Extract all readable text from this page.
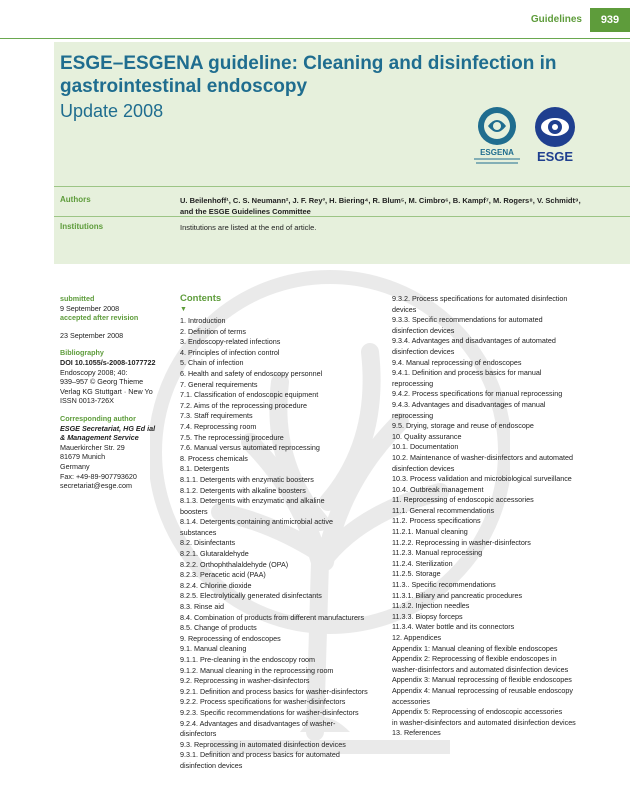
Guidelines	939
ESGE–ESGENA guideline: Cleaning and disinfection in gastrointestinal endoscopy
Update 2008
ESGENA ESGE
Authors	U. Beilenhoff¹, C. S. Neumann², J. F. Rey³, H. Biering⁴, R. Blum⁵, M. Cimbro⁶, B. Kampf⁷, M. Rogers⁸, V. Schmidt⁹,
and the ESGE Guidelines Committee
Institutions	Institutions are listed at the end of article.
submitted
9 September 2008
accepted after revision
23 September 2008
Bibliography
DOI 10.1055/s-2008-1077722
Endoscopy 2008; 40:
939–957 © Georg Thieme
Verlag KG Stuttgart · New Yo
ISSN 0013-726X
Corresponding author
ESGE Secretariat, HG Ed ial
& Management Service
Mauerkircher Str. 29
81679 Munich
Germany
Fax: +49-89-907793620
secretariat@esge.com
Contents
▼
1. Introduction
2. Definition of terms
3. Endoscopy-related infections
4. Principles of infection control
5. Chain of infection
6. Health and safety of endoscopy personnel
7. General requirements
7.1. Classification of endoscopic equipment
7.2. Aims of the reprocessing procedure
7.3. Staff requirements
7.4. Reprocessing room
7.5. The reprocessing procedure
7.6. Manual versus automated reprocessing
8. Process chemicals
8.1. Detergents
8.1.1. Detergents with enzymatic boosters
8.1.2. Detergents with alkaline boosters
8.1.3. Detergents with enzymatic and alkaline
boosters
8.1.4. Detergents containing antimicrobial active
substances
8.2. Disinfectants
8.2.1. Glutaraldehyde
8.2.2. Orthophthalaldehyde (OPA)
8.2.3. Peracetic acid (PAA)
8.2.4. Chlorine dioxide
8.2.5. Electrolytically generated disinfectants
8.3. Rinse aid
8.4. Combination of products from different manufacturers
8.5. Change of products
9. Reprocessing of endoscopes
9.1. Manual cleaning
9.1.1. Pre-cleaning in the endoscopy room
9.1.2. Manual cleaning in the reprocessing room
9.2. Reprocessing in washer-disinfectors
9.2.1. Definition and process basics for washer-disinfectors
9.2.2. Process specifications for washer-disinfectors
9.2.3. Specific recommendations for washer-disinfectors
9.2.4. Advantages and disadvantages of washer-
disinfectors
9.3. Reprocessing in automated disinfection devices
9.3.1. Definition and process basics for automated
disinfection devices
9.3.2. Process specifications for automated disinfection
devices
9.3.3. Specific recommendations for automated
disinfection devices
9.3.4. Advantages and disadvantages of automated
disinfection devices
9.4. Manual reprocessing of endoscopes
9.4.1. Definition and process basics for manual
reprocessing
9.4.2. Process specifications for manual reprocessing
9.4.3. Advantages and disadvantages of manual
reprocessing
9.5. Drying, storage and reuse of endoscope
10. Quality assurance
10.1. Documentation
10.2. Maintenance of washer-disinfectors and automated
disinfection devices
10.3. Process validation and microbiological surveillance
10.4. Outbreak management
11. Reprocessing of endoscopic accessories
11.1. General recommendations
11.2. Process specifications
11.2.1. Manual cleaning
11.2.2. Reprocessing in washer-disinfectors
11.2.3. Manual reprocessing
11.2.4. Sterilization
11.2.5. Storage
11.3.. Specific recommendations
11.3.1. Biliary and pancreatic procedures
11.3.2. Injection needles
11.3.3. Biopsy forceps
11.3.4. Water bottle and its connectors
12. Appendices
Appendix 1: Manual cleaning of flexible endoscopes
Appendix 2: Reprocessing of flexible endoscopes in
washer-disinfectors and automated disinfection devices
Appendix 3: Manual reprocessing of flexible endoscopes
Appendix 4: Manual reprocessing of reusable endoscopy
accessories
Appendix 5: Reprocessing of endoscopic accessories
in washer-disinfectors and automated disinfection devices
13. References
